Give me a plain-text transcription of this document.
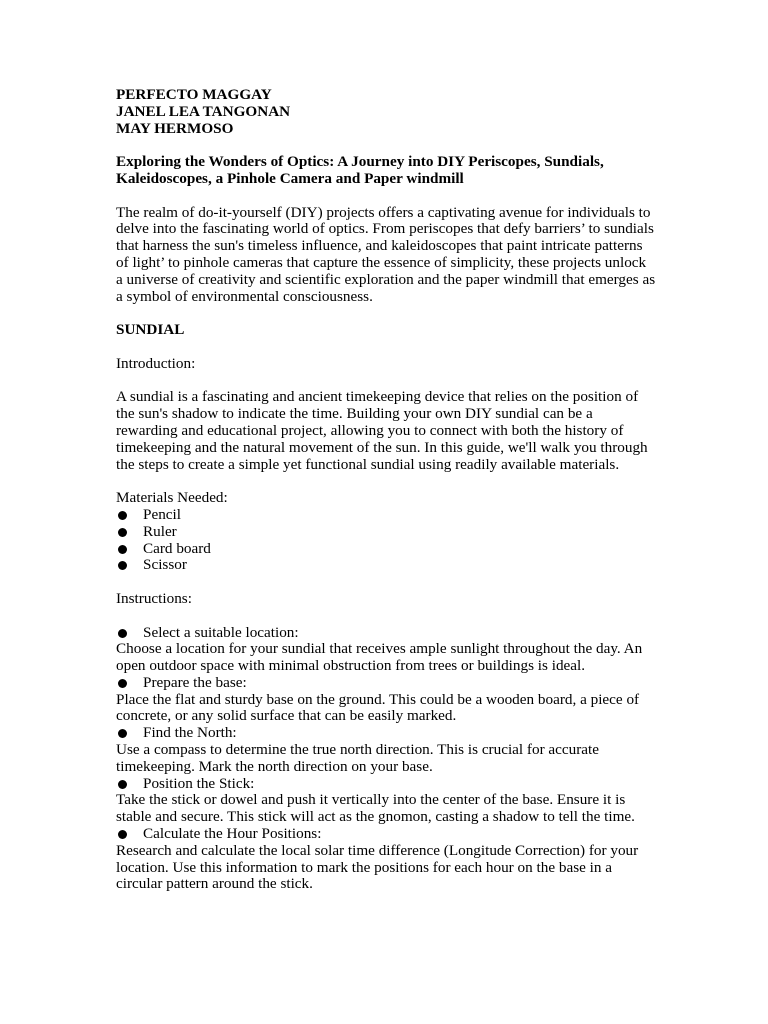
PERFECTO MAGGAY
JANEL LEA TANGONAN
MAY HERMOSO

Exploring the Wonders of Optics: A Journey into DIY Periscopes, Sundials, Kaleidoscopes, a Pinhole Camera and Paper windmill

The realm of do-it-yourself (DIY) projects offers a captivating avenue for individuals to delve into the fascinating world of optics. From periscopes that defy barriers’ to sundials that harness the sun's timeless influence, and kaleidoscopes that paint intricate patterns of light’ to pinhole cameras that capture the essence of simplicity, these projects unlock a universe of creativity and scientific exploration and the paper windmill that emerges as a symbol of environmental consciousness.

SUNDIAL

Introduction:

A sundial is a fascinating and ancient timekeeping device that relies on the position of the sun's shadow to indicate the time. Building your own DIY sundial can be a rewarding and educational project, allowing you to connect with both the history of timekeeping and the natural movement of the sun. In this guide, we'll walk you through the steps to create a simple yet functional sundial using readily available materials.

Materials Needed:

Pencil
Ruler
Card board
Scissor

Instructions:

Select a suitable location:

Choose a location for your sundial that receives ample sunlight throughout the day. An open outdoor space with minimal obstruction from trees or buildings is ideal.

Prepare the base:

Place the flat and sturdy base on the ground. This could be a wooden board, a piece of concrete, or any solid surface that can be easily marked.

Find the North:

Use a compass to determine the true north direction. This is crucial for accurate timekeeping. Mark the north direction on your base.

Position the Stick:

Take the stick or dowel and push it vertically into the center of the base. Ensure it is stable and secure. This stick will act as the gnomon, casting a shadow to tell the time.

Calculate the Hour Positions:

Research and calculate the local solar time difference (Longitude Correction) for your location. Use this information to mark the positions for each hour on the base in a circular pattern around the stick.
